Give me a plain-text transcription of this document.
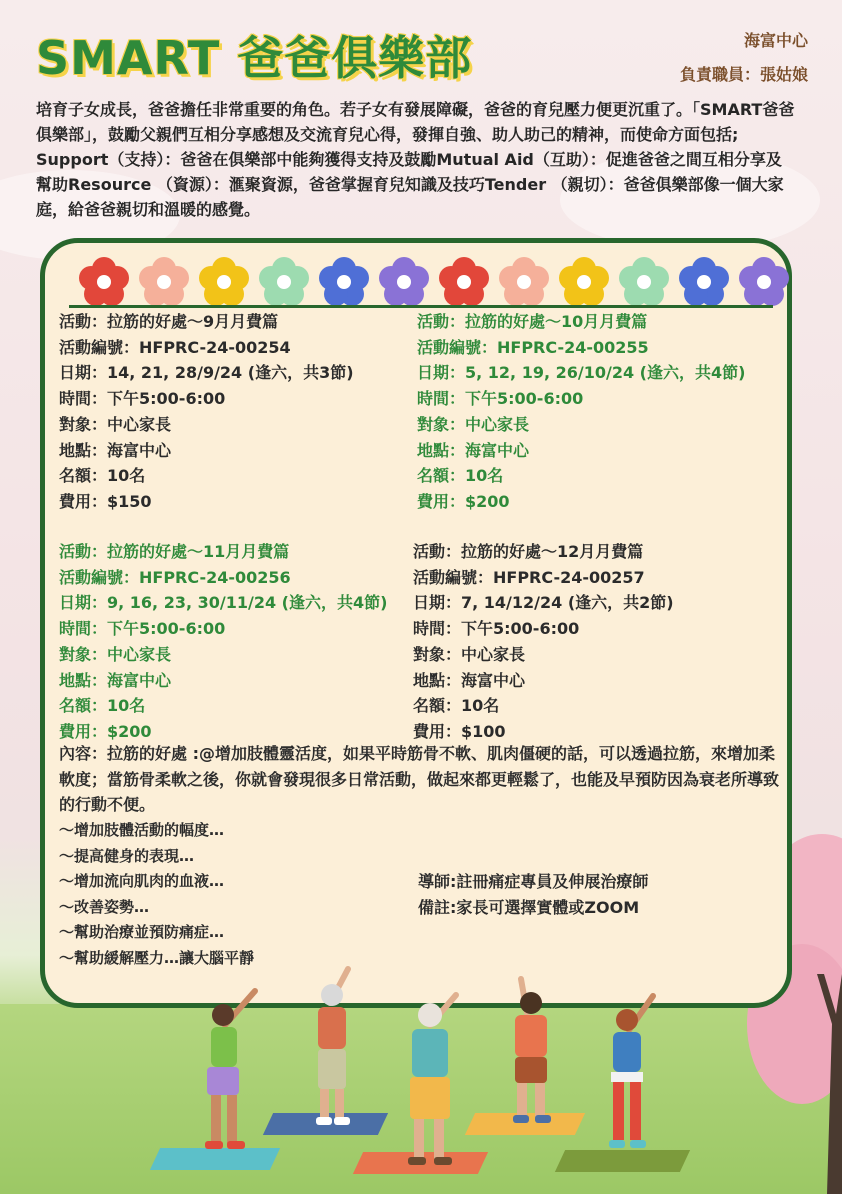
SMART 爸爸俱樂部	海富中心
負責職員：張姑娘
培育子女成長，爸爸擔任非常重要的角色。若子女有發展障礙，爸爸的育兒壓力便更沉重了。「SMART爸爸俱樂部」，鼓勵父親們互相分享感想及交流育兒心得，發揮自強、助人助己的精神，而使命方面包括; Support（支持）：爸爸在俱樂部中能夠獲得支持及鼓勵Mutual Aid（互助）：促進爸爸之間互相分享及幫助Resource （資源）：滙聚資源，爸爸掌握育兒知識及技巧Tender （親切）：爸爸俱樂部像一個大家庭，給爸爸親切和溫暖的感覺。
活動：拉筋的好處～9月月費篇
活動編號：HFPRC-24-00254
日期：14, 21, 28/9/24 (逢六，共3節)
時間：下午5:00-6:00
對象：中心家長
地點：海富中心
名額：10名
費用：$150
活動：拉筋的好處～10月月費篇
活動編號：HFPRC-24-00255
日期：5, 12, 19, 26/10/24 (逢六，共4節)
時間：下午5:00-6:00
對象：中心家長
地點：海富中心
名額：10名
費用：$200
活動：拉筋的好處～11月月費篇
活動編號：HFPRC-24-00256
日期：9, 16, 23, 30/11/24 (逢六，共4節)
時間：下午5:00-6:00
對象：中心家長
地點：海富中心
名額：10名
費用：$200
活動：拉筋的好處～12月月費篇
活動編號：HFPRC-24-00257
日期：7, 14/12/24 (逢六，共2節)
時間：下午5:00-6:00
對象：中心家長
地點：海富中心
名額：10名
費用：$100
內容：拉筋的好處 :@增加肢體靈活度，如果平時筋骨不軟、肌肉僵硬的話，可以透過拉筋，來增加柔軟度；當筋骨柔軟之後，你就會發現很多日常活動，做起來都更輕鬆了，也能及早預防因為衰老所導致的行動不便。
～增加肢體活動的幅度…
～提高健身的表現…
～增加流向肌肉的血液…
～改善姿勢…
～幫助治療並預防痛症…
～幫助緩解壓力…讓大腦平靜
導師:註冊痛症專員及伸展治療師
備註:家長可選擇實體或ZOOM
